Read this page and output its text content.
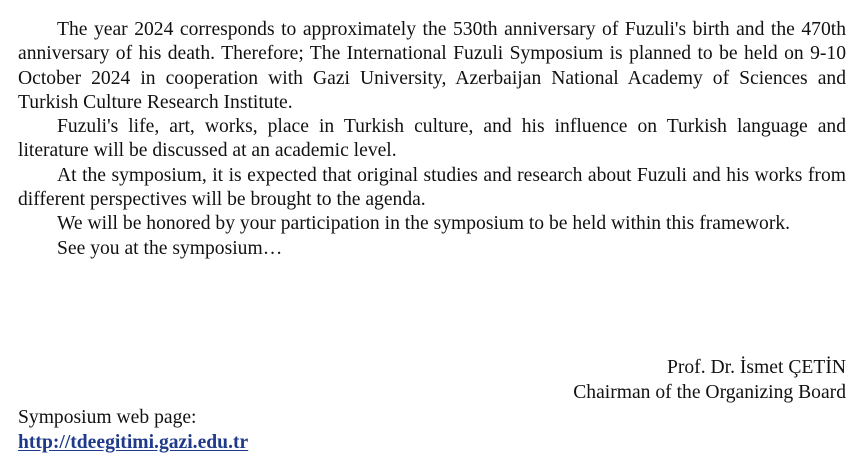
The year 2024 corresponds to approximately the 530th anniversary of Fuzuli's birth and the 470th anniversary of his death. Therefore; The International Fuzuli Symposium is planned to be held on 9-10 October 2024 in cooperation with Gazi University, Azerbaijan National Academy of Sciences and Turkish Culture Research Institute.

Fuzuli's life, art, works, place in Turkish culture, and his influence on Turkish language and literature will be discussed at an academic level.

At the symposium, it is expected that original studies and research about Fuzuli and his works from different perspectives will be brought to the agenda.

We will be honored by your participation in the symposium to be held within this framework.

See you at the symposium…

Prof. Dr. İsmet ÇETİN
Chairman of the Organizing Board
Symposium web page:
http://tdeegitimi.gazi.edu.tr
